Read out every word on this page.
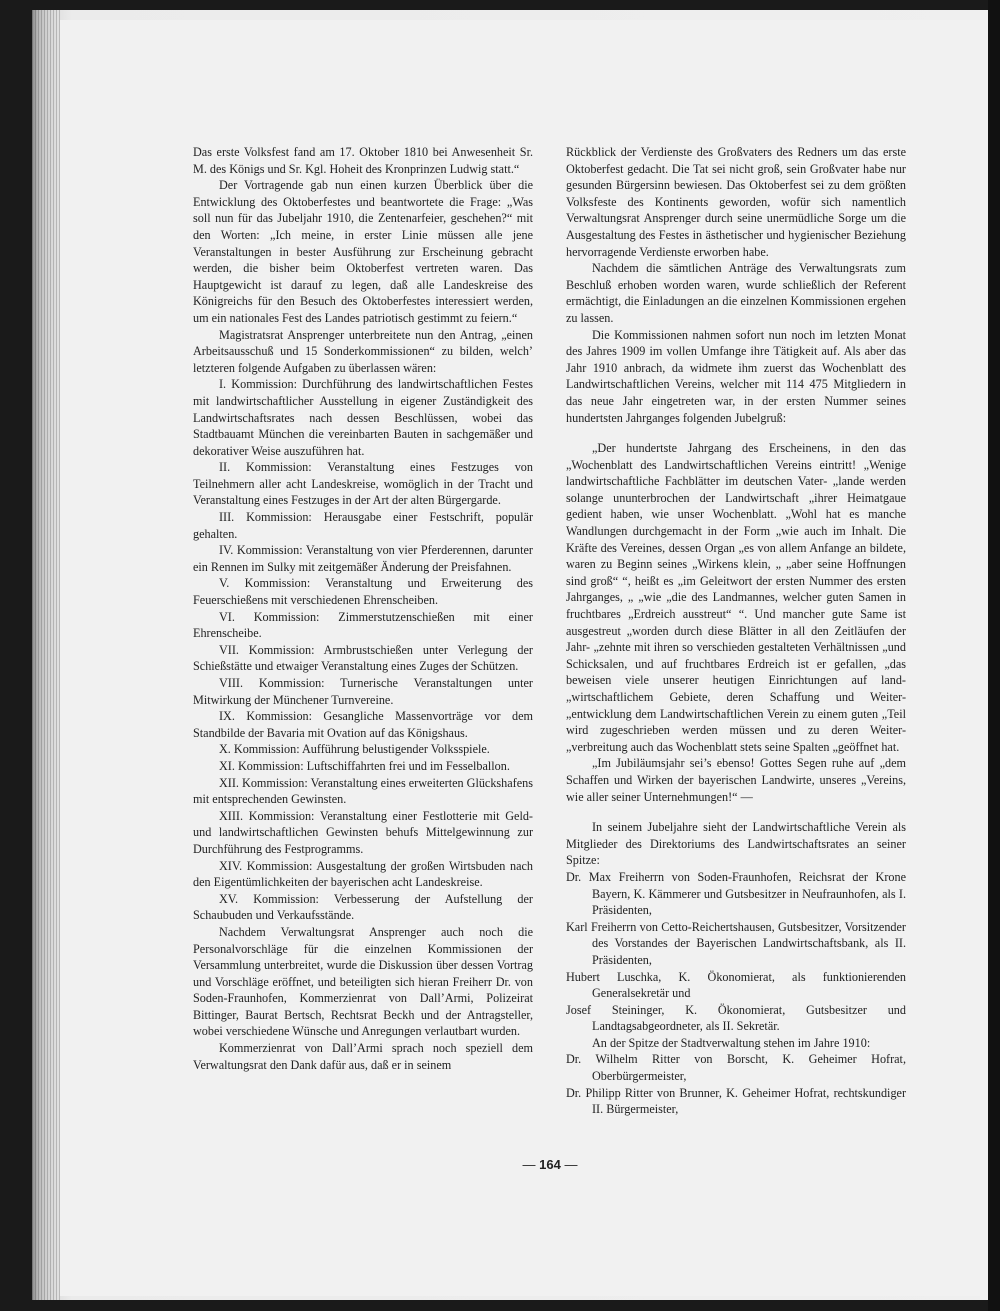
Das erste Volksfest fand am 17. Oktober 1810 bei Anwesenheit Sr. M. des Königs und Sr. Kgl. Hoheit des Kronprinzen Ludwig statt.“

Der Vortragende gab nun einen kurzen Überblick über die Entwicklung des Oktoberfestes und beantwortete die Frage: „Was soll nun für das Jubeljahr 1910, die Zentenarfeier, geschehen?“ mit den Worten: „Ich meine, in erster Linie müssen alle jene Veranstaltungen in bester Ausführung zur Erscheinung gebracht werden, die bisher beim Oktoberfest vertreten waren. Das Hauptgewicht ist darauf zu legen, daß alle Landeskreise des Königreichs für den Besuch des Oktoberfestes interessiert werden, um ein nationales Fest des Landes patriotisch gestimmt zu feiern.“

Magistratsrat Ansprenger unterbreitete nun den Antrag, „einen Arbeitsausschuß und 15 Sonderkommissionen“ zu bilden, welch’ letzteren folgende Aufgaben zu überlassen wären:

I. Kommission: Durchführung des landwirtschaftlichen Festes mit landwirtschaftlicher Ausstellung in eigener Zuständigkeit des Landwirtschaftsrates nach dessen Beschlüssen, wobei das Stadtbauamt München die vereinbarten Bauten in sachgemäßer und dekorativer Weise auszuführen hat.

II. Kommission: Veranstaltung eines Festzuges von Teilnehmern aller acht Landeskreise, womöglich in der Tracht und Veranstaltung eines Festzuges in der Art der alten Bürgergarde.

III. Kommission: Herausgabe einer Festschrift, populär gehalten.

IV. Kommission: Veranstaltung von vier Pferderennen, darunter ein Rennen im Sulky mit zeitgemäßer Änderung der Preisfahnen.

V. Kommission: Veranstaltung und Erweiterung des Feuerschießens mit verschiedenen Ehrenscheiben.

VI. Kommission: Zimmerstutzenschießen mit einer Ehrenscheibe.

VII. Kommission: Armbrustschießen unter Verlegung der Schießstätte und etwaiger Veranstaltung eines Zuges der Schützen.

VIII. Kommission: Turnerische Veranstaltungen unter Mitwirkung der Münchener Turnvereine.

IX. Kommission: Gesangliche Massenvorträge vor dem Standbilde der Bavaria mit Ovation auf das Königshaus.

X. Kommission: Aufführung belustigender Volksspiele.

XI. Kommission: Luftschiffahrten frei und im Fesselballon.

XII. Kommission: Veranstaltung eines erweiterten Glückshafens mit entsprechenden Gewinsten.

XIII. Kommission: Veranstaltung einer Festlotterie mit Geld- und landwirtschaftlichen Gewinsten behufs Mittelgewinnung zur Durchführung des Festprogramms.

XIV. Kommission: Ausgestaltung der großen Wirtsbuden nach den Eigentümlichkeiten der bayerischen acht Landeskreise.

XV. Kommission: Verbesserung der Aufstellung der Schaubuden und Verkaufsstände.

Nachdem Verwaltungsrat Ansprenger auch noch die Personalvorschläge für die einzelnen Kommissionen der Versammlung unterbreitet, wurde die Diskussion über dessen Vortrag und Vorschläge eröffnet, und beteiligten sich hieran Freiherr Dr. von Soden-Fraunhofen, Kommerzienrat von Dall’Armi, Polizeirat Bittinger, Baurat Bertsch, Rechtsrat Beckh und der Antragsteller, wobei verschiedene Wünsche und Anregungen verlautbart wurden.

Kommerzienrat von Dall’Armi sprach noch speziell dem Verwaltungsrat den Dank dafür aus, daß er in seinem

Rückblick der Verdienste des Großvaters des Redners um das erste Oktoberfest gedacht. Die Tat sei nicht groß, sein Großvater habe nur gesunden Bürgersinn bewiesen. Das Oktoberfest sei zu dem größten Volksfeste des Kontinents geworden, wofür sich namentlich Verwaltungsrat Ansprenger durch seine unermüdliche Sorge um die Ausgestaltung des Festes in ästhetischer und hygienischer Beziehung hervorragende Verdienste erworben habe.

Nachdem die sämtlichen Anträge des Verwaltungsrats zum Beschluß erhoben worden waren, wurde schließlich der Referent ermächtigt, die Einladungen an die einzelnen Kommissionen ergehen zu lassen.

Die Kommissionen nahmen sofort nun noch im letzten Monat des Jahres 1909 im vollen Umfange ihre Tätigkeit auf. Als aber das Jahr 1910 anbrach, da widmete ihm zuerst das Wochenblatt des Landwirtschaftlichen Vereins, welcher mit 114 475 Mitgliedern in das neue Jahr eingetreten war, in der ersten Nummer seines hundertsten Jahrganges folgenden Jubelgruß:

„Der hundertste Jahrgang des Erscheinens, in den das „Wochenblatt des Landwirtschaftlichen Vereins eintritt! „Wenige landwirtschaftliche Fachblätter im deutschen Vater- „lande werden solange ununterbrochen der Landwirtschaft „ihrer Heimatgaue gedient haben, wie unser Wochenblatt. „Wohl hat es manche Wandlungen durchgemacht in der Form „wie auch im Inhalt. Die Kräfte des Vereines, dessen Organ „es von allem Anfange an bildete, waren zu Beginn seines „Wirkens klein, „ „aber seine Hoffnungen sind groß“ “, heißt es „im Geleitwort der ersten Nummer des ersten Jahrganges, „ „wie „die des Landmannes, welcher guten Samen in fruchtbares „Erdreich ausstreut“ “. Und mancher gute Same ist ausgestreut „worden durch diese Blätter in all den Zeitläufen der Jahr- „zehnte mit ihren so verschieden gestalteten Verhältnissen „und Schicksalen, und auf fruchtbares Erdreich ist er gefallen, „das beweisen viele unserer heutigen Einrichtungen auf land- „wirtschaftlichem Gebiete, deren Schaffung und Weiter- „entwicklung dem Landwirtschaftlichen Verein zu einem guten „Teil wird zugeschrieben werden müssen und zu deren Weiter- „verbreitung auch das Wochenblatt stets seine Spalten „geöffnet hat.

„Im Jubiläumsjahr sei’s ebenso! Gottes Segen ruhe auf „dem Schaffen und Wirken der bayerischen Landwirte, unseres „Vereins, wie aller seiner Unternehmungen!“ —

In seinem Jubeljahre sieht der Landwirtschaftliche Verein als Mitglieder des Direktoriums des Landwirtschaftsrates an seiner Spitze:

Dr. Max Freiherrn von Soden-Fraunhofen, Reichsrat der Krone Bayern, K. Kämmerer und Gutsbesitzer in Neufraunhofen, als I. Präsidenten,

Karl Freiherrn von Cetto-Reichertshausen, Gutsbesitzer, Vorsitzender des Vorstandes der Bayerischen Landwirtschaftsbank, als II. Präsidenten,

Hubert Luschka, K. Ökonomierat, als funktionierenden Generalsekretär und

Josef Steininger, K. Ökonomierat, Gutsbesitzer und Landtagsabgeordneter, als II. Sekretär.

An der Spitze der Stadtverwaltung stehen im Jahre 1910:

Dr. Wilhelm Ritter von Borscht, K. Geheimer Hofrat, Oberbürgermeister,

Dr. Philipp Ritter von Brunner, K. Geheimer Hofrat, rechtskundiger II. Bürgermeister,

— 164 —
